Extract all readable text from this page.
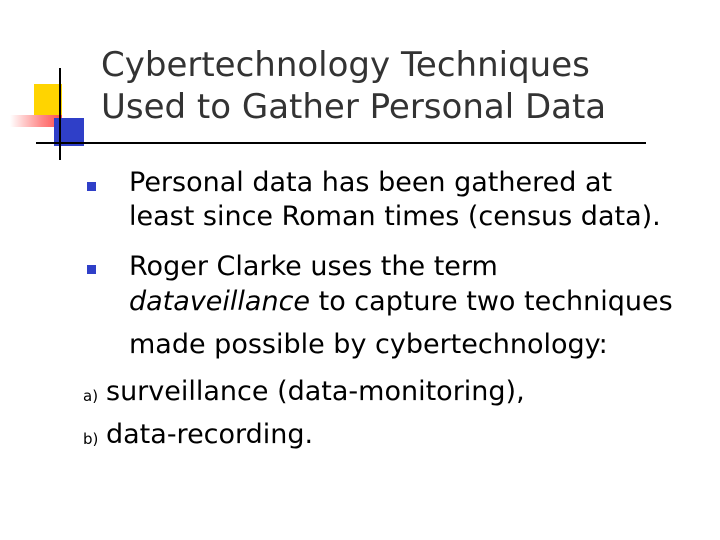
Cybertechnology Techniques
Used to Gather Personal Data
Personal data has been gathered at
least since Roman times (census data).
Roger Clarke uses the term
dataveillance to capture two techniques
made possible by cybertechnology:
a) surveillance (data-monitoring),
b) data-recording.
